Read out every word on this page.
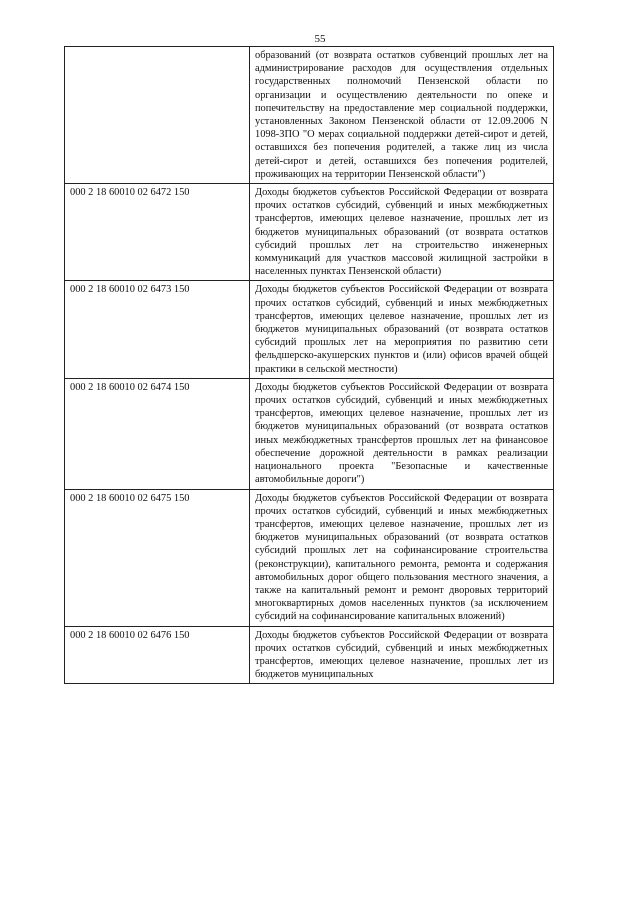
55
	образований (от возврата остатков субвенций прошлых лет на администрирование расходов для осуществления отдельных государственных полномочий Пензенской области по организации и осуществлению деятельности по опеке и попечительству на предоставление мер социальной поддержки, установленных Законом Пензенской области от 12.09.2006 N 1098-ЗПО "О мерах социальной поддержки детей-сирот и детей, оставшихся без попечения родителей, а также лиц из числа детей-сирот и детей, оставшихся без попечения родителей, проживающих на территории Пензенской области")
000 2 18 60010 02 6472 150	Доходы бюджетов субъектов Российской Федерации от возврата прочих остатков субсидий, субвенций и иных межбюджетных трансфертов, имеющих целевое назначение, прошлых лет из бюджетов муниципальных образований (от возврата остатков субсидий прошлых лет на строительство инженерных коммуникаций для участков массовой жилищной застройки в населенных пунктах Пензенской области)
000 2 18 60010 02 6473 150	Доходы бюджетов субъектов Российской Федерации от возврата прочих остатков субсидий, субвенций и иных межбюджетных трансфертов, имеющих целевое назначение, прошлых лет из бюджетов муниципальных образований (от возврата остатков субсидий прошлых лет на мероприятия по развитию сети фельдшерско-акушерских пунктов и (или) офисов врачей общей практики в сельской местности)
000 2 18 60010 02 6474 150	Доходы бюджетов субъектов Российской Федерации от возврата прочих остатков субсидий, субвенций и иных межбюджетных трансфертов, имеющих целевое назначение, прошлых лет из бюджетов муниципальных образований (от возврата остатков иных межбюджетных трансфертов прошлых лет на финансовое обеспечение дорожной деятельности в рамках реализации национального проекта "Безопасные и качественные автомобильные дороги")
000 2 18 60010 02 6475 150	Доходы бюджетов субъектов Российской Федерации от возврата прочих остатков субсидий, субвенций и иных межбюджетных трансфертов, имеющих целевое назначение, прошлых лет из бюджетов муниципальных образований (от возврата остатков субсидий прошлых лет на софинансирование строительства (реконструкции), капитального ремонта, ремонта и содержания автомобильных дорог общего пользования местного значения, а также на капитальный ремонт и ремонт дворовых территорий многоквартирных домов населенных пунктов (за исключением субсидий на софинансирование капитальных вложений)
000 2 18 60010 02 6476 150	Доходы бюджетов субъектов Российской Федерации от возврата прочих остатков субсидий, субвенций и иных межбюджетных трансфертов, имеющих целевое назначение, прошлых лет из бюджетов муниципальных
